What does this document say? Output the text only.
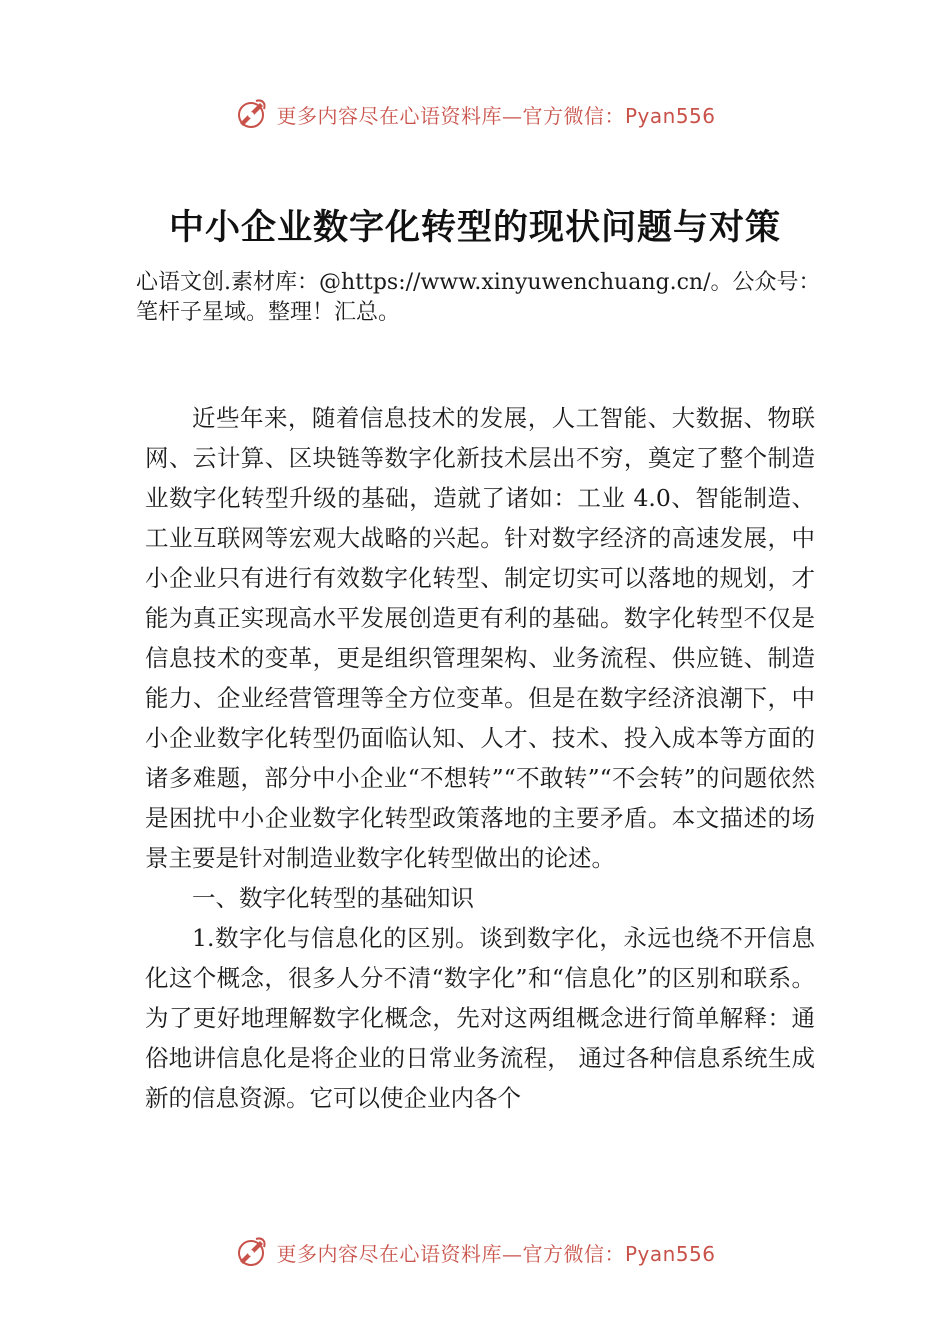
更多内容尽在心语资料库—官方微信：Pyan556
中小企业数字化转型的现状问题与对策
心语文创.素材库：@https://www.xinyuwenchuang.cn/。公众号：笔杆子星域。整理！汇总。

近些年来，随着信息技术的发展，人工智能、大数据、物联网、云计算、区块链等数字化新技术层出不穷，奠定了整个制造业数字化转型升级的基础，造就了诸如：工业 4.0、智能制造、工业互联网等宏观大战略的兴起。针对数字经济的高速发展，中小企业只有进行有效数字化转型、制定切实可以落地的规划，才能为真正实现高水平发展创造更有利的基础。数字化转型不仅是信息技术的变革，更是组织管理架构、业务流程、供应链、制造能力、企业经营管理等全方位变革。但是在数字经济浪潮下，中小企业数字化转型仍面临认知、人才、技术、投入成本等方面的诸多难题，部分中小企业“不想转”“不敢转”“不会转”的问题依然是困扰中小企业数字化转型政策落地的主要矛盾。本文描述的场景主要是针对制造业数字化转型做出的论述。

一、数字化转型的基础知识

1.数字化与信息化的区别。谈到数字化，永远也绕不开信息化这个概念，很多人分不清“数字化”和“信息化”的区别和联系。为了更好地理解数字化概念，先对这两组概念进行简单解释：通俗地讲信息化是将企业的日常业务流程， 通过各种信息系统生成新的信息资源。它可以使企业内各个

更多内容尽在心语资料库—官方微信：Pyan556
